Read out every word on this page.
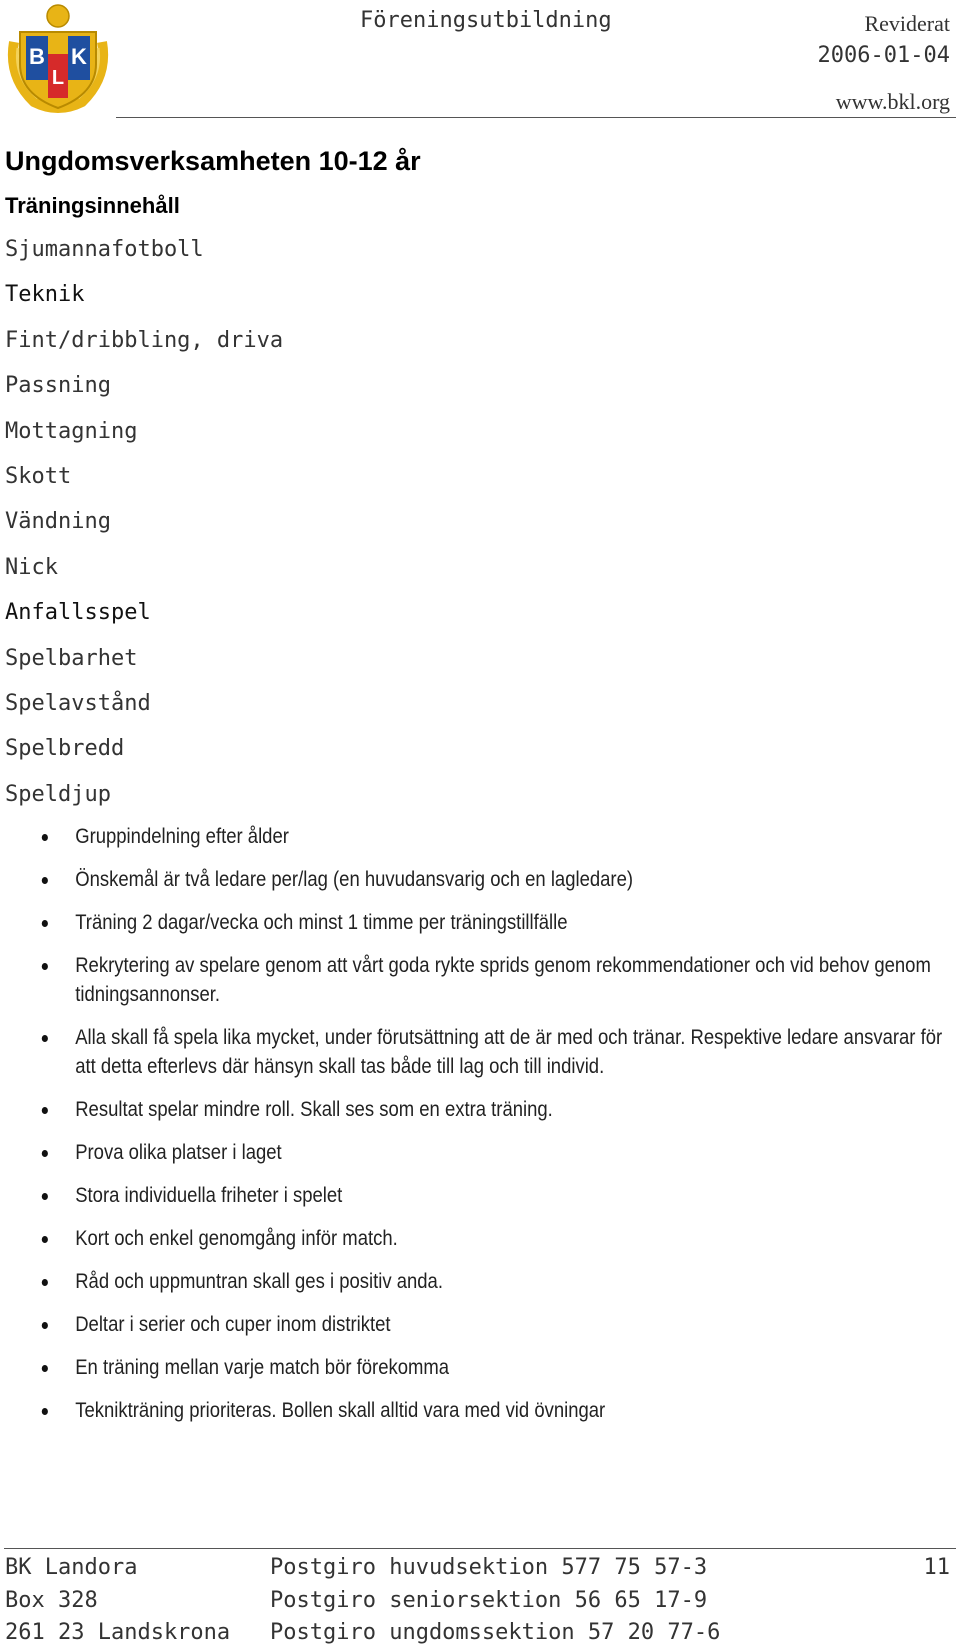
B
L
K
Föreningsutbildning	Reviderat
2006-01-04
www.bkl.org
Ungdomsverksamheten 10-12 år
Träningsinnehåll
Sjumannafotboll
Teknik
Fint/dribbling, driva
Passning
Mottagning
Skott
Vändning
Nick
Anfallsspel
Spelbarhet
Spelavstånd
Spelbredd
Speldjup
Gruppindelning efter ålder
Önskemål är två ledare per/lag (en huvudansvarig och en lagledare)
Träning 2 dagar/vecka och minst 1 timme per träningstillfälle
Rekrytering av spelare genom att vårt goda rykte sprids genom rekommendationer och vid behov genom tidningsannonser.
Alla skall få spela lika mycket, under förutsättning att de är med och tränar. Respektive ledare ansvarar för att detta efterlevs där hänsyn skall tas både till lag och till individ.
Resultat spelar mindre roll. Skall ses som en extra träning.
Prova olika platser i laget
Stora individuella friheter i spelet
Kort och enkel genomgång inför match.
Råd och uppmuntran skall ges i positiv anda.
Deltar i serier och cuper inom distriktet
En träning mellan varje match bör förekomma
Teknikträning prioriteras. Bollen skall alltid vara med vid övningar
BK Landora
Box 328
261 23 Landskrona
Postgiro huvudsektion 577 75 57-3
Postgiro seniorsektion 56 65 17-9
Postgiro ungdomssektion 57 20 77-6
11
